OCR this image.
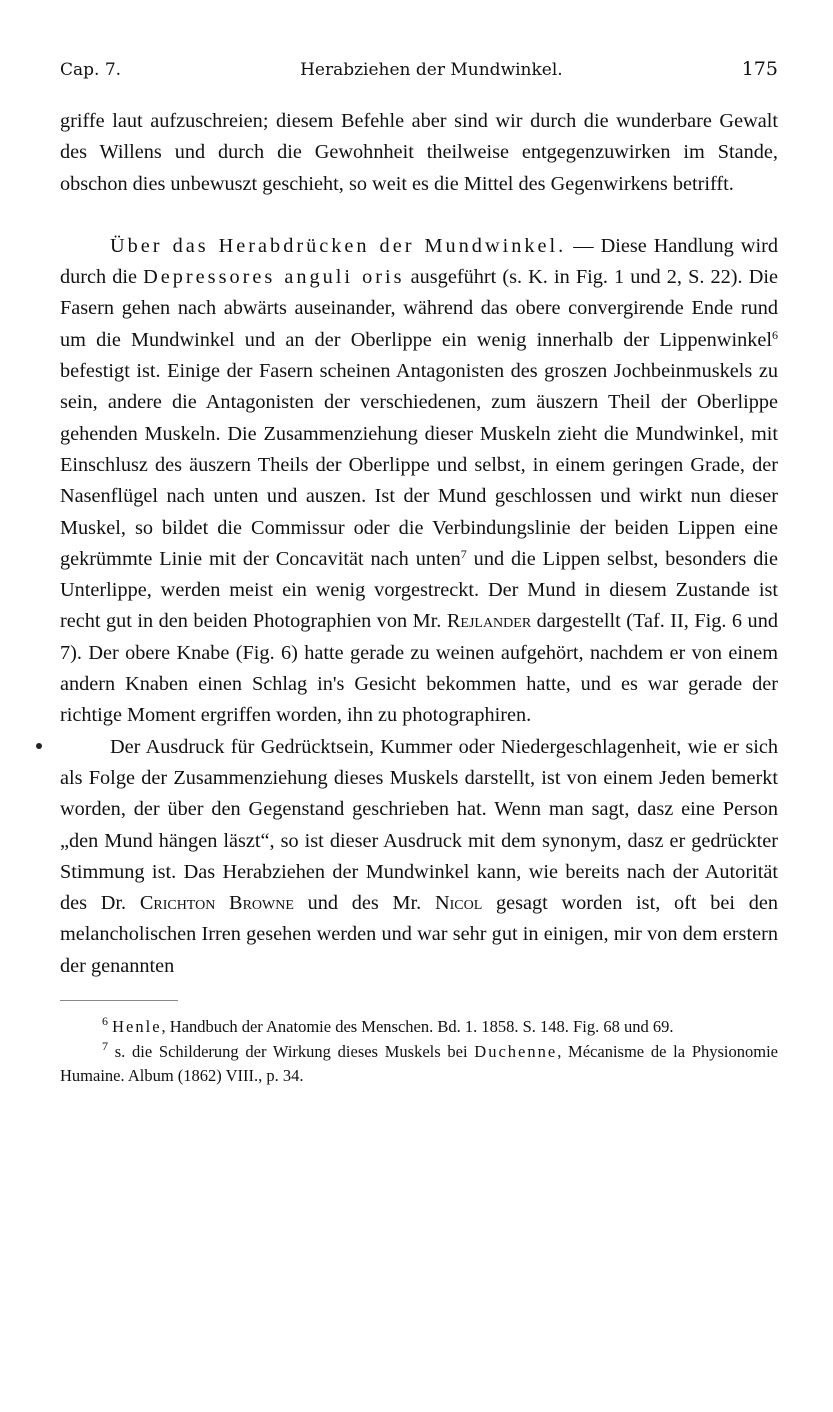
Cap. 7.	Herabziehen der Mundwinkel.	175

griffe laut aufzuschreien; diesem Befehle aber sind wir durch die wunderbare Gewalt des Willens und durch die Gewohnheit theilweise entgegenzuwirken im Stande, obschon dies unbewuszt geschieht, so weit es die Mittel des Gegenwirkens betrifft.

Über das Herabdrücken der Mundwinkel. — Diese Handlung wird durch die Depressores anguli oris ausgeführt (s. K. in Fig. 1 und 2, S. 22). Die Fasern gehen nach abwärts auseinander, während das obere convergirende Ende rund um die Mundwinkel und an der Oberlippe ein wenig innerhalb der Lippenwinkel$^6$ befestigt ist. Einige der Fasern scheinen Antagonisten des groszen Jochbeinmuskels zu sein, andere die Antagonisten der verschiedenen, zum äuszern Theil der Oberlippe gehenden Muskeln. Die Zusammenziehung dieser Muskeln zieht die Mundwinkel, mit Einschlusz des äuszern Theils der Oberlippe und selbst, in einem geringen Grade, der Nasenflügel nach unten und auszen. Ist der Mund geschlossen und wirkt nun dieser Muskel, so bildet die Commissur oder die Verbindungslinie der beiden Lippen eine gekrümmte Linie mit der Concavität nach unten$^7$ und die Lippen selbst, besonders die Unterlippe, werden meist ein wenig vorgestreckt. Der Mund in diesem Zustande ist recht gut in den beiden Photographien von Mr. Rejlander dargestellt (Taf. II, Fig. 6 und 7). Der obere Knabe (Fig. 6) hatte gerade zu weinen aufgehört, nachdem er von einem andern Knaben einen Schlag in's Gesicht bekommen hatte, und es war gerade der richtige Moment ergriffen worden, ihn zu photographiren.

Der Ausdruck für Gedrücktsein, Kummer oder Niedergeschlagenheit, wie er sich als Folge der Zusammenziehung dieses Muskels darstellt, ist von einem Jeden bemerkt worden, der über den Gegenstand geschrieben hat. Wenn man sagt, dasz eine Person „den Mund hängen läszt“, so ist dieser Ausdruck mit dem synonym, dasz er gedrückter Stimmung ist. Das Herabziehen der Mundwinkel kann, wie bereits nach der Autorität des Dr. Crichton Browne und des Mr. Nicol gesagt worden ist, oft bei den melancholischen Irren gesehen werden und war sehr gut in einigen, mir von dem erstern der genannten

$^6$ Henle, Handbuch der Anatomie des Menschen. Bd. 1. 1858. S. 148. Fig. 68 und 69.

$^7$ s. die Schilderung der Wirkung dieses Muskels bei Duchenne, Mécanisme de la Physionomie Humaine. Album (1862) VIII., p. 34.
